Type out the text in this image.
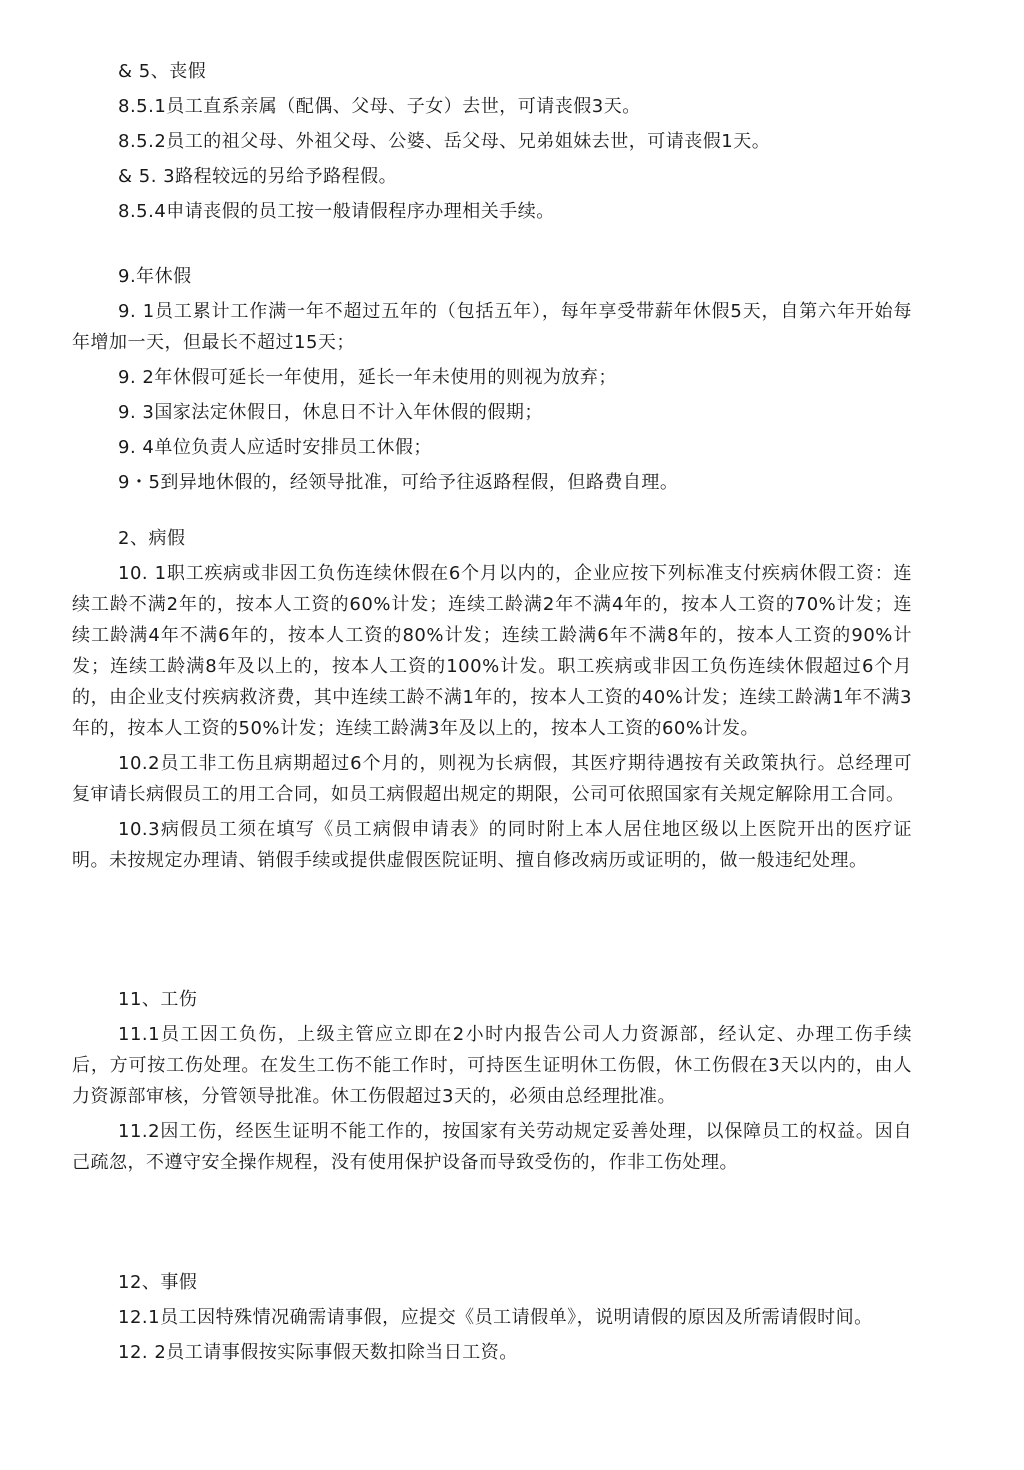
& 5、丧假

8.5.1员工直系亲属（配偶、父母、子女）去世，可请丧假3天。

8.5.2员工的祖父母、外祖父母、公婆、岳父母、兄弟姐妹去世，可请丧假1天。

& 5. 3路程较远的另给予路程假。

8.5.4申请丧假的员工按一般请假程序办理相关手续。

9.年休假

9. 1员工累计工作满一年不超过五年的（包括五年），每年享受带薪年休假5天，自第六年开始每年增加一天，但最长不超过15天；

9. 2年休假可延长一年使用，延长一年未使用的则视为放弃；

9. 3国家法定休假日，休息日不计入年休假的假期；

9. 4单位负责人应适时安排员工休假；

9・5到异地休假的，经领导批准，可给予往返路程假，但路费自理。

2、病假

10. 1职工疾病或非因工负伤连续休假在6个月以内的，企业应按下列标准支付疾病休假工资：连续工龄不满2年的，按本人工资的60%计发；连续工龄满2年不满4年的，按本人工资的70%计发；连续工龄满4年不满6年的，按本人工资的80%计发；连续工龄满6年不满8年的，按本人工资的90%计发；连续工龄满8年及以上的，按本人工资的100%计发。职工疾病或非因工负伤连续休假超过6个月的，由企业支付疾病救济费，其中连续工龄不满1年的，按本人工资的40%计发；连续工龄满1年不满3年的，按本人工资的50%计发；连续工龄满3年及以上的，按本人工资的60%计发。

10.2员工非工伤且病期超过6个月的，则视为长病假，其医疗期待遇按有关政策执行。总经理可复审请长病假员工的用工合同，如员工病假超出规定的期限，公司可依照国家有关规定解除用工合同。

10.3病假员工须在填写《员工病假申请表》的同时附上本人居住地区级以上医院开出的医疗证明。未按规定办理请、销假手续或提供虚假医院证明、擅自修改病历或证明的，做一般违纪处理。

11、工伤

11.1员工因工负伤，上级主管应立即在2小时内报告公司人力资源部，经认定、办理工伤手续后，方可按工伤处理。在发生工伤不能工作时，可持医生证明休工伤假，休工伤假在3天以内的，由人力资源部审核，分管领导批准。休工伤假超过3天的，必须由总经理批准。

11.2因工伤，经医生证明不能工作的，按国家有关劳动规定妥善处理，以保障员工的权益。因自己疏忽，不遵守安全操作规程，没有使用保护设备而导致受伤的，作非工伤处理。

12、事假

12.1员工因特殊情况确需请事假，应提交《员工请假单》，说明请假的原因及所需请假时间。

12. 2员工请事假按实际事假天数扣除当日工资。
